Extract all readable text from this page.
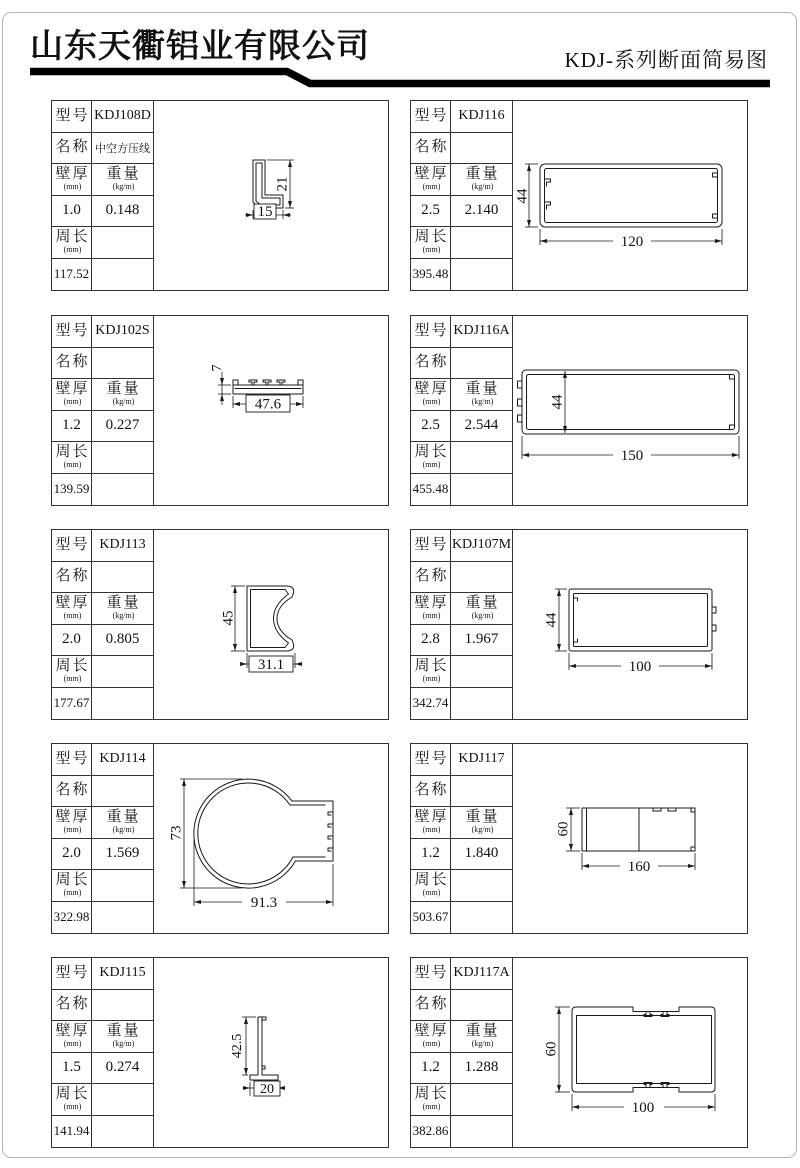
山东天衢铝业有限公司	KDJ-系列断面简易图
型号 KDJ108D
名称 中空方压线
壁厚
(mm)
重量
(kg/m)
1.0	0.148
周长
(mm)
117.52
21
15
型号 KDJ116
名称
壁厚
(mm)
重量
(kg/m)
2.5	2.140
周长
(mm)
395.48
44
120
型号 KDJ102S
名称
壁厚
(mm)
重量
(kg/m)
1.2	0.227
周长
(mm)
139.59
7
47.6
型号 KDJ116A
名称
壁厚
(mm)
重量
(kg/m)
2.5	2.544
周长
(mm)
455.48
44
150
型号 KDJ113
名称
壁厚
(mm)
重量
(kg/m)
2.0	0.805
周长
(mm)
177.67
45
31.1
型号 KDJ107M
名称
壁厚
(mm)
重量
(kg/m)
2.8	1.967
周长
(mm)
342.74
44
100
型号 KDJ114
名称
壁厚
(mm)
重量
(kg/m)
2.0	1.569
周长
(mm)
322.98
73
91.3
型号 KDJ117
名称
壁厚
(mm)
重量
(kg/m)
1.2	1.840
周长
(mm)
503.67
60
160
型号 KDJ115
名称
壁厚
(mm)
重量
(kg/m)
1.5	0.274
周长
(mm)
141.94
42.5
20
型号 KDJ117A
名称
壁厚
(mm)
重量
(kg/m)
1.2	1.288
周长
(mm)
382.86
60
100
